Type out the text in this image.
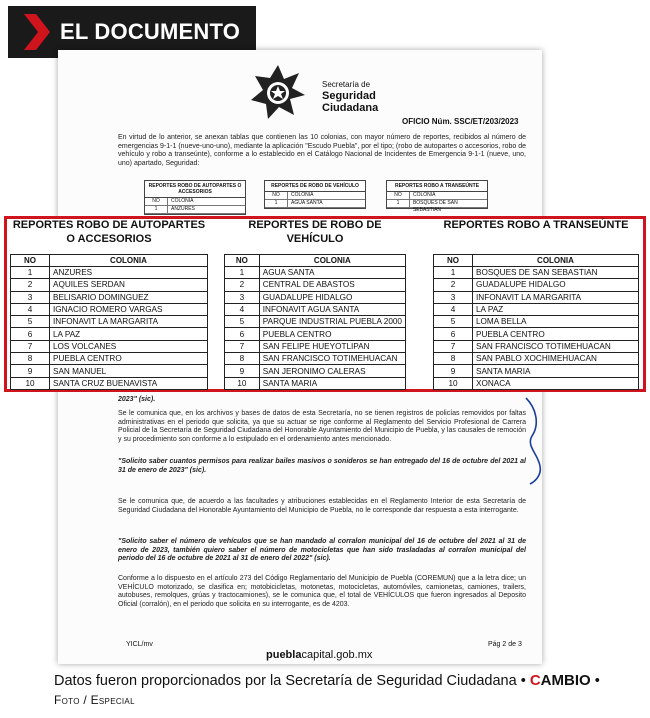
EL DOCUMENTO
Secretaría de
Seguridad
Ciudadana
OFICIO Núm. SSC/ET/203/2023
En virtud de lo anterior, se anexan tablas que contienen las 10 colonias, con mayor número de reportes, recibidos al número de emergencias 9-1-1 (nueve-uno-uno), mediante la aplicación "Escudo Puebla", por el tipo; (robo de autopartes o accesorios, robo de vehículo y robo a transeúnte), conforme a lo establecido en el Catálogo Nacional de Incidentes de Emergencia 9-1-1 (nueve, uno, uno) apartado, Seguridad:
REPORTES ROBO DE AUTOPARTES O ACCESORIOS
NO	COLONIA
1	ANZURES
REPORTES DE ROBO DE VEHÍCULO
NO	COLONIA
1	AGUA SANTA
REPORTES ROBO A TRANSEÚNTE
NO	COLONIA
1	BOSQUES DE SAN SEBASTIAN
REPORTES ROBO DE AUTOPARTES O ACCESORIOS
NO	COLONIA
1	ANZURES
2	AQUILES SERDAN
3	BELISARIO DOMINGUEZ
4	IGNACIO ROMERO VARGAS
5	INFONAVIT LA MARGARITA
6	LA PAZ
7	LOS VOLCANES
8	PUEBLA CENTRO
9	SAN MANUEL
10	SANTA CRUZ BUENAVISTA
REPORTES DE ROBO DE VEHÍCULO
NO	COLONIA
1	AGUA SANTA
2	CENTRAL DE ABASTOS
3	GUADALUPE HIDALGO
4	INFONAVIT AGUA SANTA
5	PARQUE INDUSTRIAL PUEBLA 2000
6	PUEBLA CENTRO
7	SAN FELIPE HUEYOTLIPAN
8	SAN FRANCISCO TOTIMEHUACAN
9	SAN JERONIMO CALERAS
10	SANTA MARIA
REPORTES ROBO A TRANSEÚNTE
NO	COLONIA
1	BOSQUES DE SAN SEBASTIAN
2	GUADALUPE HIDALGO
3	INFONAVIT LA MARGARITA
4	LA PAZ
5	LOMA BELLA
6	PUEBLA CENTRO
7	SAN FRANCISCO TOTIMEHUACAN
8	SAN PABLO XOCHIMEHUACAN
9	SANTA MARIA
10	XONACA
2023" (sic).
Se le comunica que, en los archivos y bases de datos de esta Secretaría, no se tienen registros de policías removidos por faltas administrativas en el periodo que solicita, ya que su actuar se rige conforme al Reglamento del Servicio Profesional de Carrera Policial de la Secretaría de Seguridad Ciudadana del Honorable Ayuntamiento del Municipio de Puebla, y las causales de remoción y su procedimiento son conforme a lo estipulado en el ordenamiento antes mencionado.
"Solicito saber cuantos permisos para realizar bailes masivos o sonideros se han entregado del 16 de octubre del 2021 al 31 de enero de 2023" (sic).
Se le comunica que, de acuerdo a las facultades y atribuciones establecidas en el Reglamento Interior de esta Secretaría de Seguridad Ciudadana del Honorable Ayuntamiento del Municipio de Puebla, no le corresponde dar respuesta a esta interrogante.
"Solicito saber el número de vehículos que se han mandado al corralon municipal del 16 de octubre del 2021 al 31 de enero de 2023, también quiero saber el número de motocicletas que han sido trasladadas al corralon municipal del periodo del 16 de octubre de 2021 al 31 de enero del 2022" (sic).
Conforme a lo dispuesto en el artículo 273 del Código Reglamentario del Municipio de Puebla (COREMUN) que a la letra dice; un VEHÍCULO motorizado, se clasifica en; motobicicletas, motonetas, motocicletas, automóviles, camionetas, camiones, trailers, autobuses, remolques, grúas y tractocamiones), se le comunica que, el total de VEHÍCULOS que fueron ingresados al Deposito Oficial (corralón), en el periodo que solicita en su interrogante, es de 4203.
YICL/mv
pueblacapital.gob.mx
Pág 2 de 3
Datos fueron proporcionados por la Secretaría de Seguridad Ciudadana • CAMBIO •
Foto / Especial
